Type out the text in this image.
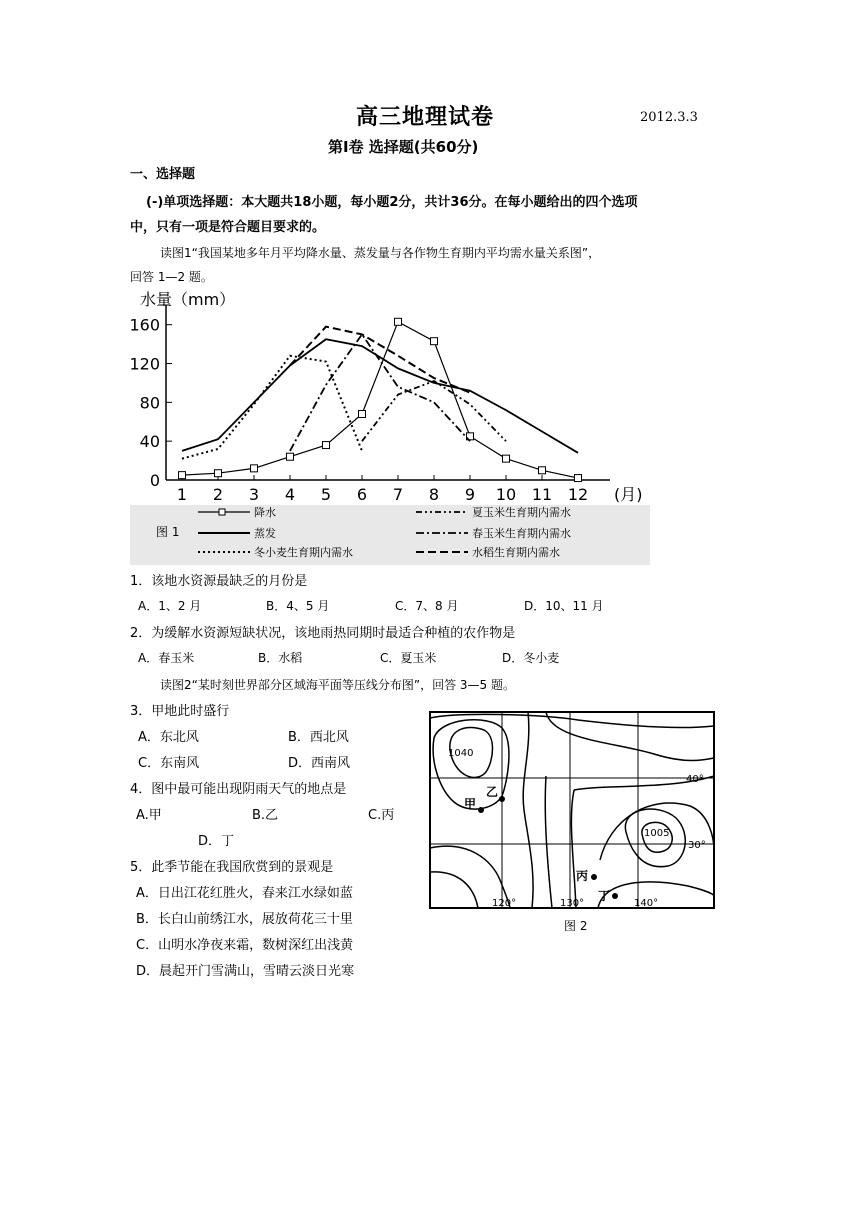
高三地理试卷	2012.3.3
第Ⅰ卷 选择题(共60分)
一、选择题
(-)单项选择题：本大题共18小题，每小题2分，共计36分。在每小题给出的四个选项
中，只有一项是符合题目要求的。
读图1“我国某地多年月平均降水量、蒸发量与各作物生育期内平均需水量关系图”，
回答 1—2 题。
水量（mm）
(月)
0
40
80
120
160
1 2 3 4 5 6 7 8 9 10 11 12
降水
蒸发
冬小麦生育期内需水
夏玉米生育期内需水
春玉米生育期内需水
水稻生育期内需水
图 1
1．该地水资源最缺乏的月份是
A．1、2 月	B．4、5 月	C．7、8 月	D．10、11 月
2．为缓解水资源短缺状况，该地雨热同期时最适合种植的农作物是
A．春玉米	B．水稻	C．夏玉米	D．冬小麦
读图2“某时刻世界部分区域海平面等压线分布图”，回答 3—5 题。
3．甲地此时盛行
A．东北风	B．西北风
C．东南风	D．西南风
4．图中最可能出现阴雨天气的地点是
A.甲	B.乙	C.丙
D．丁
5．此季节能在我国欣赏到的景观是
A．日出江花红胜火，春来江水绿如蓝
B．长白山前绣江水，展放荷花三十里
C．山明水净夜来霜，数树深红出浅黄
D．晨起开门雪满山，雪晴云淡日光寒
1040
1005
40°
30°
120°	130°	140°
甲
乙
丙
丁
图 2
